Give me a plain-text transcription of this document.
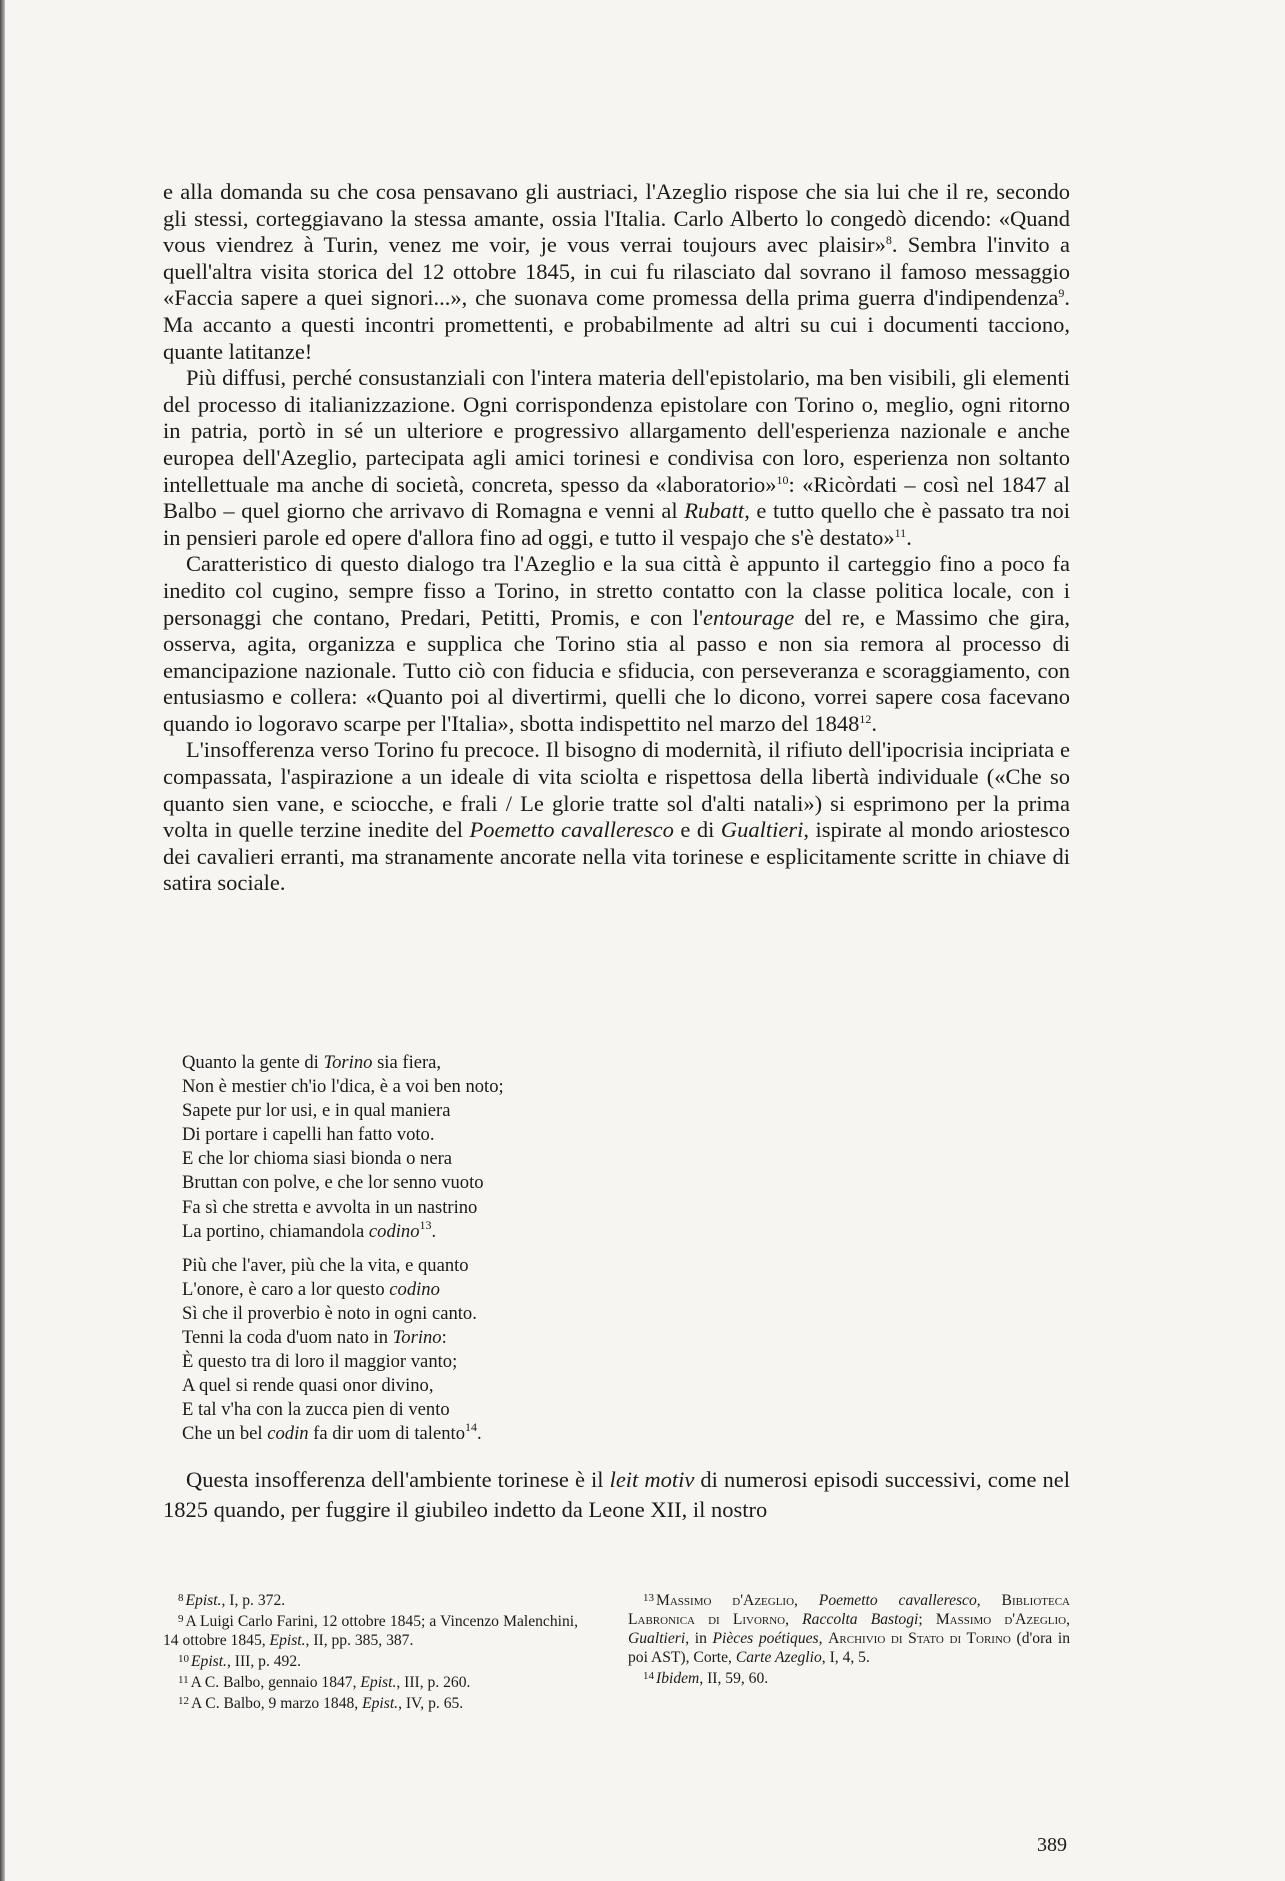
e alla domanda su che cosa pensavano gli austriaci, l'Azeglio rispose che sia lui che il re, secondo gli stessi, corteggiavano la stessa amante, ossia l'Italia. Carlo Alberto lo congedò dicendo: «Quand vous viendrez à Turin, venez me voir, je vous verrai toujours avec plaisir»$^8$. Sembra l'invito a quell'altra visita storica del 12 ottobre 1845, in cui fu rilasciato dal sovrano il famoso messaggio «Faccia sapere a quei signori...», che suonava come promessa della prima guerra d'indipendenza$^9$. Ma accanto a questi incontri promettenti, e probabilmente ad altri su cui i documenti tacciono, quante latitanze!

Più diffusi, perché consustanziali con l'intera materia dell'epistolario, ma ben visibili, gli elementi del processo di italianizzazione. Ogni corrispondenza epistolare con Torino o, meglio, ogni ritorno in patria, portò in sé un ulteriore e progressivo allargamento dell'esperienza nazionale e anche europea dell'Azeglio, partecipata agli amici torinesi e condivisa con loro, esperienza non soltanto intellettuale ma anche di società, concreta, spesso da «laboratorio»$^{10}$: «Ricòrdati – così nel 1847 al Balbo – quel giorno che arrivavo di Romagna e venni al Rubatt, e tutto quello che è passato tra noi in pensieri parole ed opere d'allora fino ad oggi, e tutto il vespajo che s'è destato»$^{11}$.

Caratteristico di questo dialogo tra l'Azeglio e la sua città è appunto il carteggio fino a poco fa inedito col cugino, sempre fisso a Torino, in stretto contatto con la classe politica locale, con i personaggi che contano, Predari, Petitti, Promis, e con l'entourage del re, e Massimo che gira, osserva, agita, organizza e supplica che Torino stia al passo e non sia remora al processo di emancipazione nazionale. Tutto ciò con fiducia e sfiducia, con perseveranza e scoraggiamento, con entusiasmo e collera: «Quanto poi al divertirmi, quelli che lo dicono, vorrei sapere cosa facevano quando io logoravo scarpe per l'Italia», sbotta indispettito nel marzo del 1848$^{12}$.

L'insofferenza verso Torino fu precoce. Il bisogno di modernità, il rifiuto dell'ipocrisia incipriata e compassata, l'aspirazione a un ideale di vita sciolta e rispettosa della libertà individuale («Che so quanto sien vane, e sciocche, e frali / Le glorie tratte sol d'alti natali») si esprimono per la prima volta in quelle terzine inedite del Poemetto cavalleresco e di Gualtieri, ispirate al mondo ariostesco dei cavalieri erranti, ma stranamente ancorate nella vita torinese e esplicitamente scritte in chiave di satira sociale.

Quanto la gente di Torino sia fiera,
Non è mestier ch'io l'dica, è a voi ben noto;
Sapete pur lor usi, e in qual maniera
Di portare i capelli han fatto voto.
E che lor chioma siasi bionda o nera
Bruttan con polve, e che lor senno vuoto
Fa sì che stretta e avvolta in un nastrino
La portino, chiamandola codino$^{13}$.
Più che l'aver, più che la vita, e quanto
L'onore, è caro a lor questo codino
Sì che il proverbio è noto in ogni canto.
Tenni la coda d'uom nato in Torino:
È questo tra di loro il maggior vanto;
A quel si rende quasi onor divino,
E tal v'ha con la zucca pien di vento
Che un bel codin fa dir uom di talento$^{14}$.

Questa insofferenza dell'ambiente torinese è il leit motiv di numerosi episodi successivi, come nel 1825 quando, per fuggire il giubileo indetto da Leone XII, il nostro

$^8$ Epist., I, p. 372.

$^9$ A Luigi Carlo Farini, 12 ottobre 1845; a Vincenzo Malenchini, 14 ottobre 1845, Epist., II, pp. 385, 387.

$^{10}$ Epist., III, p. 492.

$^{11}$ A C. Balbo, gennaio 1847, Epist., III, p. 260.

$^{12}$ A C. Balbo, 9 marzo 1848, Epist., IV, p. 65.

$^{13}$ Massimo d'Azeglio, Poemetto cavalleresco, Biblioteca Labronica di Livorno, Raccolta Bastogi; Massimo d'Azeglio, Gualtieri, in Pièces poétiques, Archivio di Stato di Torino (d'ora in poi AST), Corte, Carte Azeglio, I, 4, 5.

$^{14}$ Ibidem, II, 59, 60.

389
